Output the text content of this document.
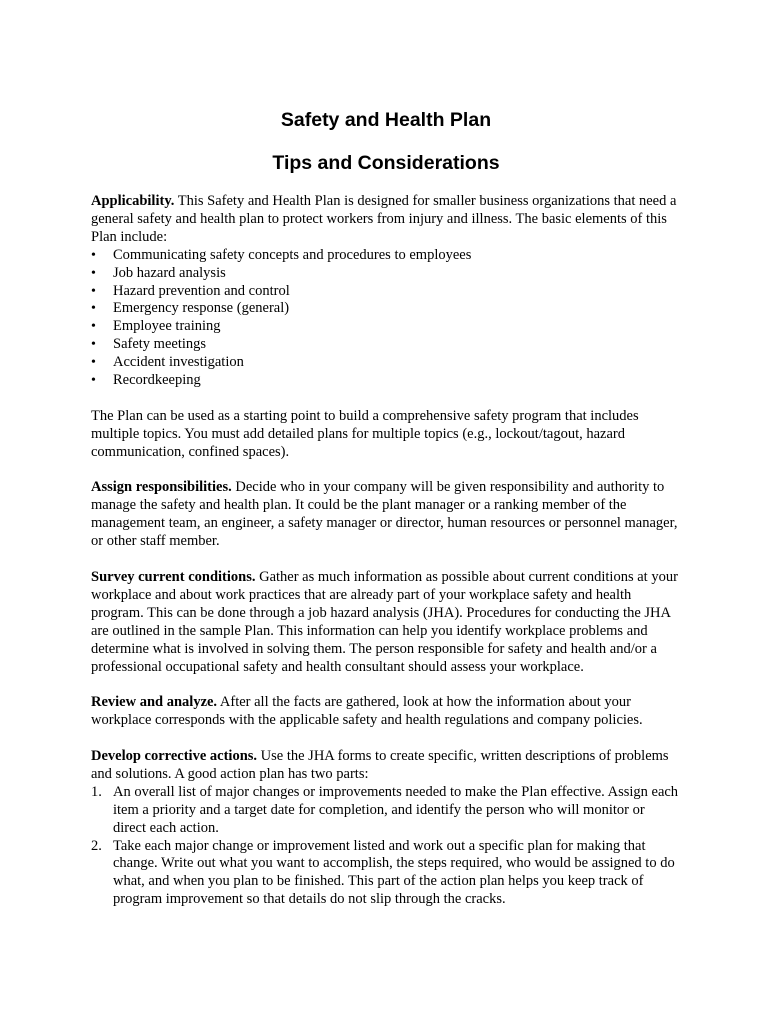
Safety and Health Plan
Tips and Considerations

Applicability. This Safety and Health Plan is designed for smaller business organizations that need a general safety and health plan to protect workers from injury and illness. The basic elements of this Plan include:

• Communicating safety concepts and procedures to employees
• Job hazard analysis
• Hazard prevention and control
• Emergency response (general)
• Employee training
• Safety meetings
• Accident investigation
• Recordkeeping

The Plan can be used as a starting point to build a comprehensive safety program that includes multiple topics. You must add detailed plans for multiple topics (e.g., lockout/tagout, hazard communication, confined spaces).

Assign responsibilities. Decide who in your company will be given responsibility and authority to manage the safety and health plan. It could be the plant manager or a ranking member of the management team, an engineer, a safety manager or director, human resources or personnel manager, or other staff member.

Survey current conditions. Gather as much information as possible about current conditions at your workplace and about work practices that are already part of your workplace safety and health program. This can be done through a job hazard analysis (JHA). Procedures for conducting the JHA are outlined in the sample Plan. This information can help you identify workplace problems and determine what is involved in solving them. The person responsible for safety and health and/or a professional occupational safety and health consultant should assess your workplace.

Review and analyze. After all the facts are gathered, look at how the information about your workplace corresponds with the applicable safety and health regulations and company policies.

Develop corrective actions. Use the JHA forms to create specific, written descriptions of problems and solutions. A good action plan has two parts:

1. An overall list of major changes or improvements needed to make the Plan effective. Assign each item a priority and a target date for completion, and identify the person who will monitor or direct each action.
2. Take each major change or improvement listed and work out a specific plan for making that change. Write out what you want to accomplish, the steps required, who would be assigned to do what, and when you plan to be finished. This part of the action plan helps you keep track of program improvement so that details do not slip through the cracks.
